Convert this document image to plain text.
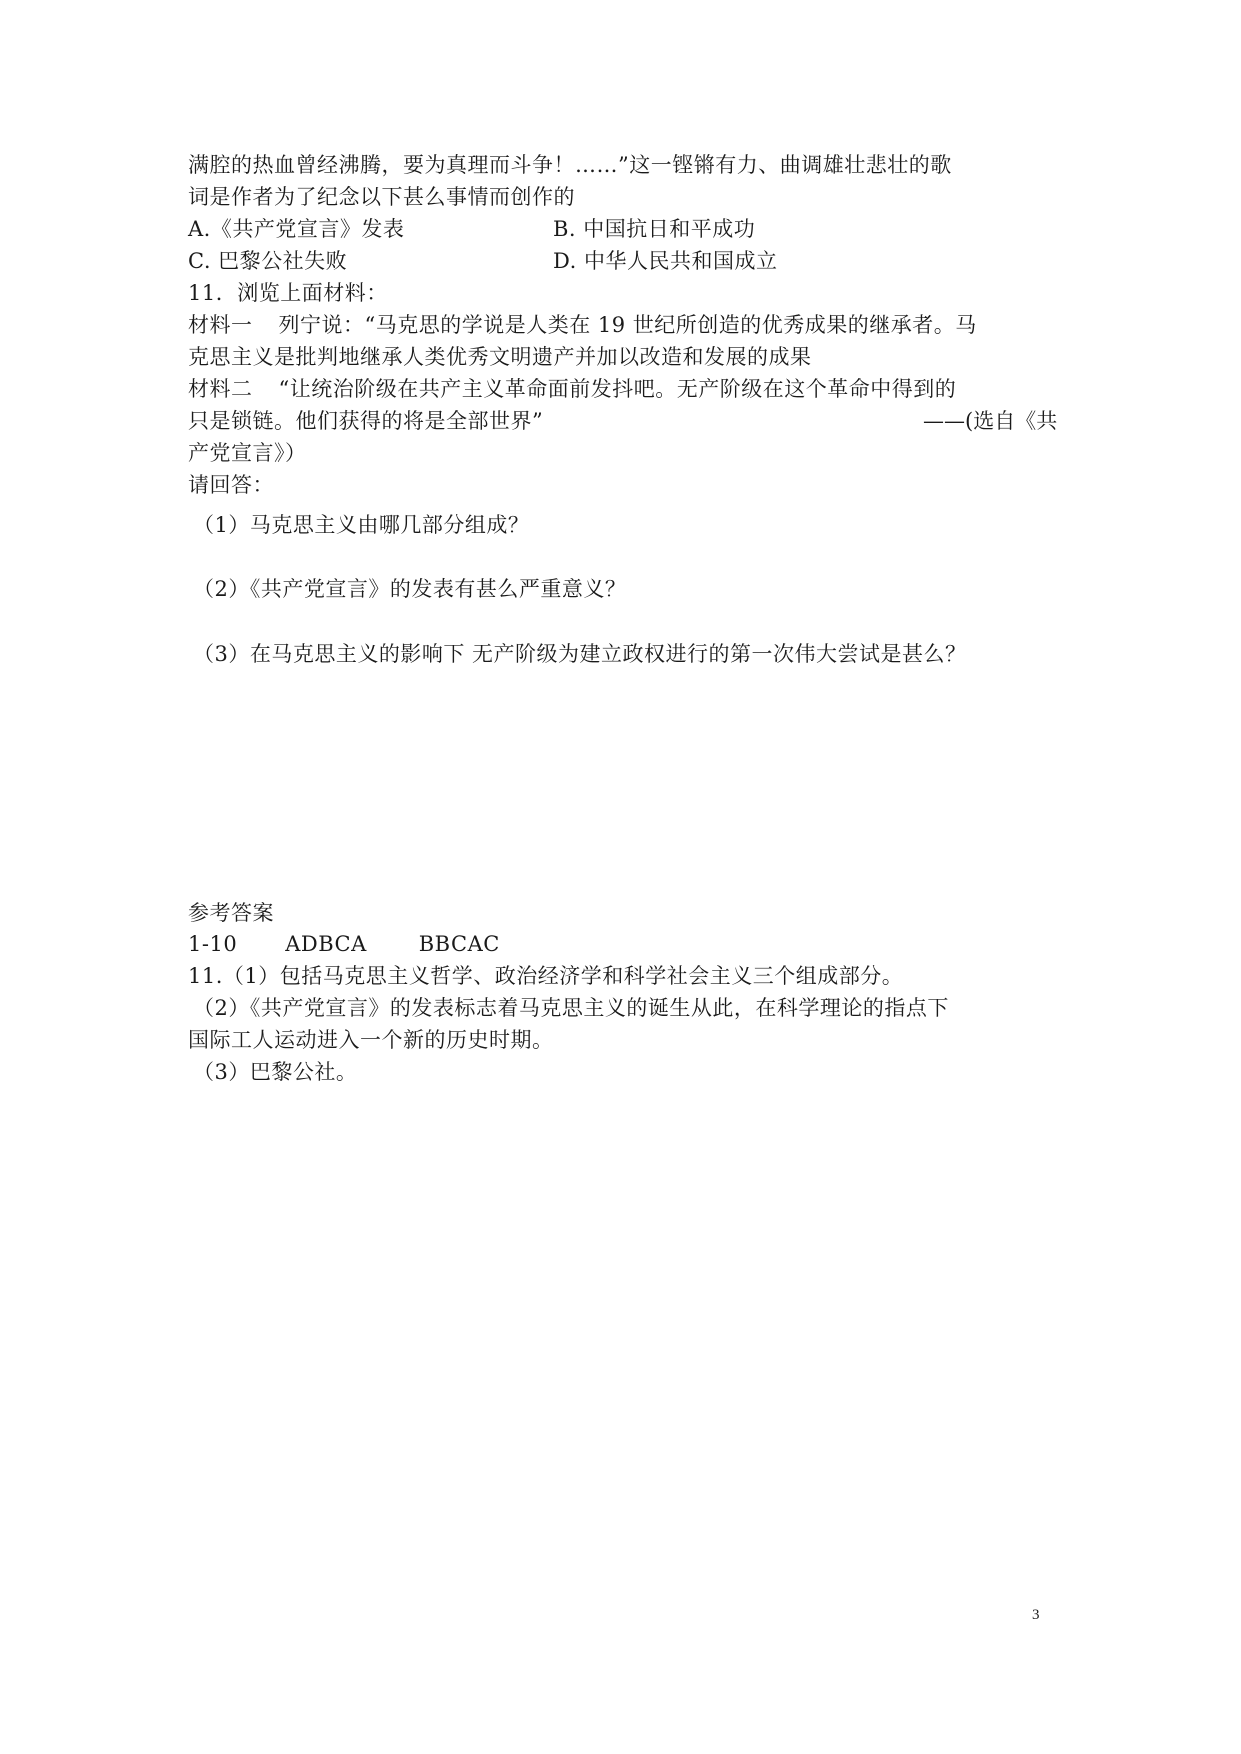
满腔的热血曾经沸腾，要为真理而斗争！……”这一铿锵有力、曲调雄壮悲壮的歌
词是作者为了纪念以下甚么事情而创作的
A.《共产党宣言》发表	B. 中国抗日和平成功
C. 巴黎公社失败	D. 中华人民共和国成立
11．浏览上面材料：
材料一 列宁说：“马克思的学说是人类在 19 世纪所创造的优秀成果的继承者。马
克思主义是批判地继承人类优秀文明遗产并加以改造和发展的成果
材料二 “让统治阶级在共产主义革命面前发抖吧。无产阶级在这个革命中得到的
只是锁链。他们获得的将是全部世界”	——(选自《共
产党宣言》）
请回答：
（1）马克思主义由哪几部分组成？
（2）《共产党宣言》的发表有甚么严重意义？
（3）在马克思主义的影响下 无产阶级为建立政权进行的第一次伟大尝试是甚么？
参考答案
1-10 ADBCA BBCAC
11.（1）包括马克思主义哲学、政治经济学和科学社会主义三个组成部分。
（2）《共产党宣言》的发表标志着马克思主义的诞生从此，在科学理论的指点下
国际工人运动进入一个新的历史时期。
（3）巴黎公社。
3
